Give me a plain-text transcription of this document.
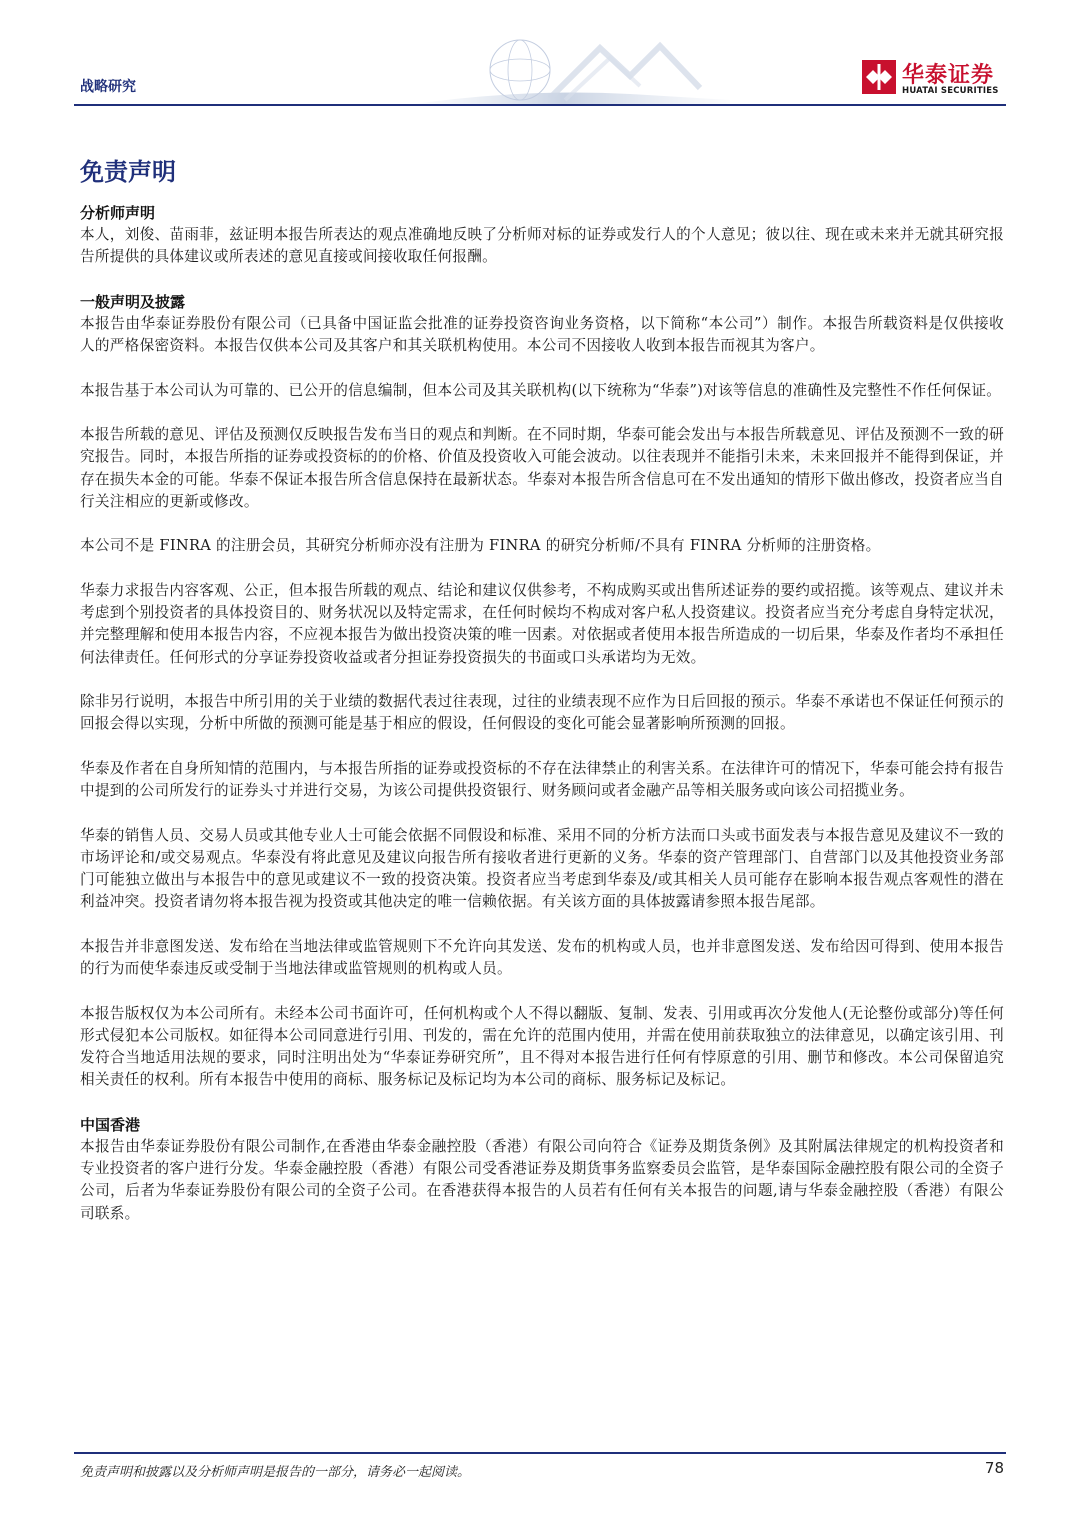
战略研究	华泰证券
HUATAI SECURITIES
免责声明

分析师声明

本人，刘俊、苗雨菲，兹证明本报告所表达的观点准确地反映了分析师对标的证券或发行人的个人意见；彼以往、现在或未来并无就其研究报告所提供的具体建议或所表述的意见直接或间接收取任何报酬。

一般声明及披露

本报告由华泰证券股份有限公司（已具备中国证监会批准的证券投资咨询业务资格，以下简称“本公司”）制作。本报告所载资料是仅供接收人的严格保密资料。本报告仅供本公司及其客户和其关联机构使用。本公司不因接收人收到本报告而视其为客户。

本报告基于本公司认为可靠的、已公开的信息编制，但本公司及其关联机构(以下统称为“华泰”)对该等信息的准确性及完整性不作任何保证。

本报告所载的意见、评估及预测仅反映报告发布当日的观点和判断。在不同时期，华泰可能会发出与本报告所载意见、评估及预测不一致的研究报告。同时，本报告所指的证券或投资标的的价格、价值及投资收入可能会波动。以往表现并不能指引未来，未来回报并不能得到保证，并存在损失本金的可能。华泰不保证本报告所含信息保持在最新状态。华泰对本报告所含信息可在不发出通知的情形下做出修改，投资者应当自行关注相应的更新或修改。

本公司不是 FINRA 的注册会员，其研究分析师亦没有注册为 FINRA 的研究分析师/不具有 FINRA 分析师的注册资格。

华泰力求报告内容客观、公正，但本报告所载的观点、结论和建议仅供参考，不构成购买或出售所述证券的要约或招揽。该等观点、建议并未考虑到个别投资者的具体投资目的、财务状况以及特定需求，在任何时候均不构成对客户私人投资建议。投资者应当充分考虑自身特定状况，并完整理解和使用本报告内容，不应视本报告为做出投资决策的唯一因素。对依据或者使用本报告所造成的一切后果，华泰及作者均不承担任何法律责任。任何形式的分享证券投资收益或者分担证券投资损失的书面或口头承诺均为无效。

除非另行说明，本报告中所引用的关于业绩的数据代表过往表现，过往的业绩表现不应作为日后回报的预示。华泰不承诺也不保证任何预示的回报会得以实现，分析中所做的预测可能是基于相应的假设，任何假设的变化可能会显著影响所预测的回报。

华泰及作者在自身所知情的范围内，与本报告所指的证券或投资标的不存在法律禁止的利害关系。在法律许可的情况下，华泰可能会持有报告中提到的公司所发行的证券头寸并进行交易，为该公司提供投资银行、财务顾问或者金融产品等相关服务或向该公司招揽业务。

华泰的销售人员、交易人员或其他专业人士可能会依据不同假设和标准、采用不同的分析方法而口头或书面发表与本报告意见及建议不一致的市场评论和/或交易观点。华泰没有将此意见及建议向报告所有接收者进行更新的义务。华泰的资产管理部门、自营部门以及其他投资业务部门可能独立做出与本报告中的意见或建议不一致的投资决策。投资者应当考虑到华泰及/或其相关人员可能存在影响本报告观点客观性的潜在利益冲突。投资者请勿将本报告视为投资或其他决定的唯一信赖依据。有关该方面的具体披露请参照本报告尾部。

本报告并非意图发送、发布给在当地法律或监管规则下不允许向其发送、发布的机构或人员，也并非意图发送、发布给因可得到、使用本报告的行为而使华泰违反或受制于当地法律或监管规则的机构或人员。

本报告版权仅为本公司所有。未经本公司书面许可，任何机构或个人不得以翻版、复制、发表、引用或再次分发他人(无论整份或部分)等任何形式侵犯本公司版权。如征得本公司同意进行引用、刊发的，需在允许的范围内使用，并需在使用前获取独立的法律意见，以确定该引用、刊发符合当地适用法规的要求，同时注明出处为“华泰证券研究所”，且不得对本报告进行任何有悖原意的引用、删节和修改。本公司保留追究相关责任的权利。所有本报告中使用的商标、服务标记及标记均为本公司的商标、服务标记及标记。

中国香港

本报告由华泰证券股份有限公司制作,在香港由华泰金融控股（香港）有限公司向符合《证券及期货条例》及其附属法律规定的机构投资者和专业投资者的客户进行分发。华泰金融控股（香港）有限公司受香港证券及期货事务监察委员会监管，是华泰国际金融控股有限公司的全资子公司，后者为华泰证券股份有限公司的全资子公司。在香港获得本报告的人员若有任何有关本报告的问题,请与华泰金融控股（香港）有限公司联系。

免责声明和披露以及分析师声明是报告的一部分，请务必一起阅读。	78
